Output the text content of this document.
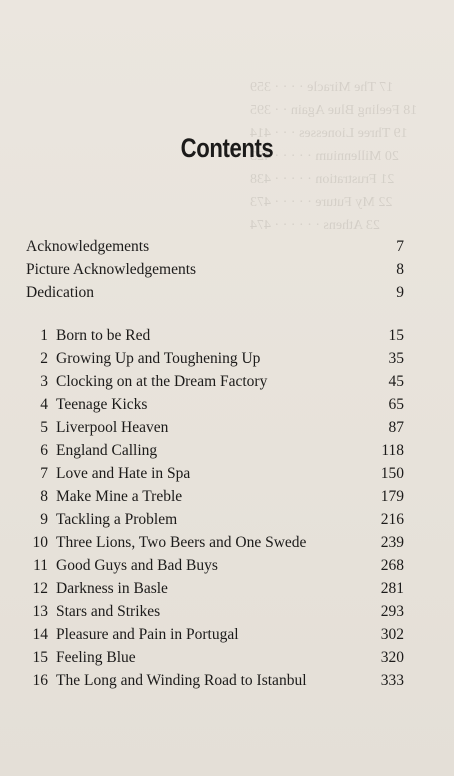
17 The Miracle · · · · 359
18 Feeling Blue Again · · 395
19 Three Lionesses · · · 414
20 Millennium · · · · · 423
21 Frustration · · · · · 438
22 My Future · · · · · 473
23 Athens · · · · · · 474
Contents
Acknowledgements	7
Picture Acknowledgements	8
Dedication	9
1 Born to be Red	15
2 Growing Up and Toughening Up	35
3 Clocking on at the Dream Factory	45
4 Teenage Kicks	65
5 Liverpool Heaven	87
6 England Calling	118
7 Love and Hate in Spa	150
8 Make Mine a Treble	179
9 Tackling a Problem	216
10 Three Lions, Two Beers and One Swede	239
11 Good Guys and Bad Buys	268
12 Darkness in Basle	281
13 Stars and Strikes	293
14 Pleasure and Pain in Portugal	302
15 Feeling Blue	320
16 The Long and Winding Road to Istanbul	333
